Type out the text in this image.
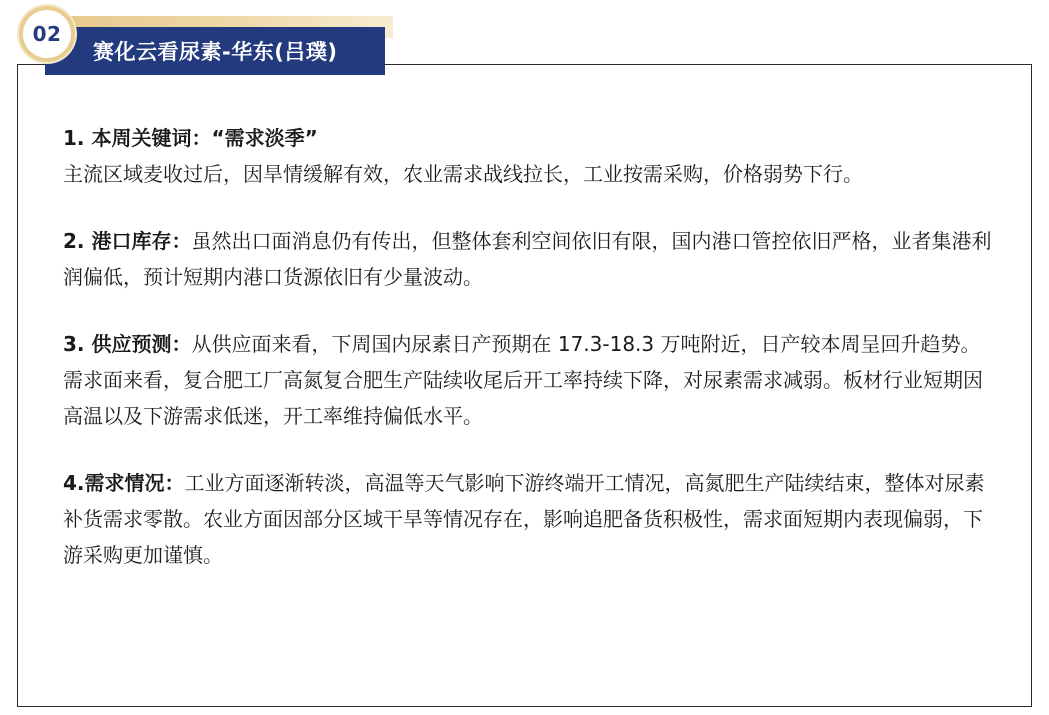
赛化云看尿素-华东(吕璞)
02

1. 本周关键词：“需求淡季”
主流区域麦收过后，因旱情缓解有效，农业需求战线拉长，工业按需采购，价格弱势下行。

2. 港口库存：虽然出口面消息仍有传出，但整体套利空间依旧有限，国内港口管控依旧严格，业者集港利润偏低，预计短期内港口货源依旧有少量波动。

3. 供应预测：从供应面来看，下周国内尿素日产预期在 17.3-18.3 万吨附近，日产较本周呈回升趋势。需求面来看，复合肥工厂高氮复合肥生产陆续收尾后开工率持续下降，对尿素需求减弱。板材行业短期因高温以及下游需求低迷，开工率维持偏低水平。

4.需求情况：工业方面逐渐转淡，高温等天气影响下游终端开工情况，高氮肥生产陆续结束，整体对尿素补货需求零散。农业方面因部分区域干旱等情况存在，影响追肥备货积极性，需求面短期内表现偏弱，下游采购更加谨慎。
